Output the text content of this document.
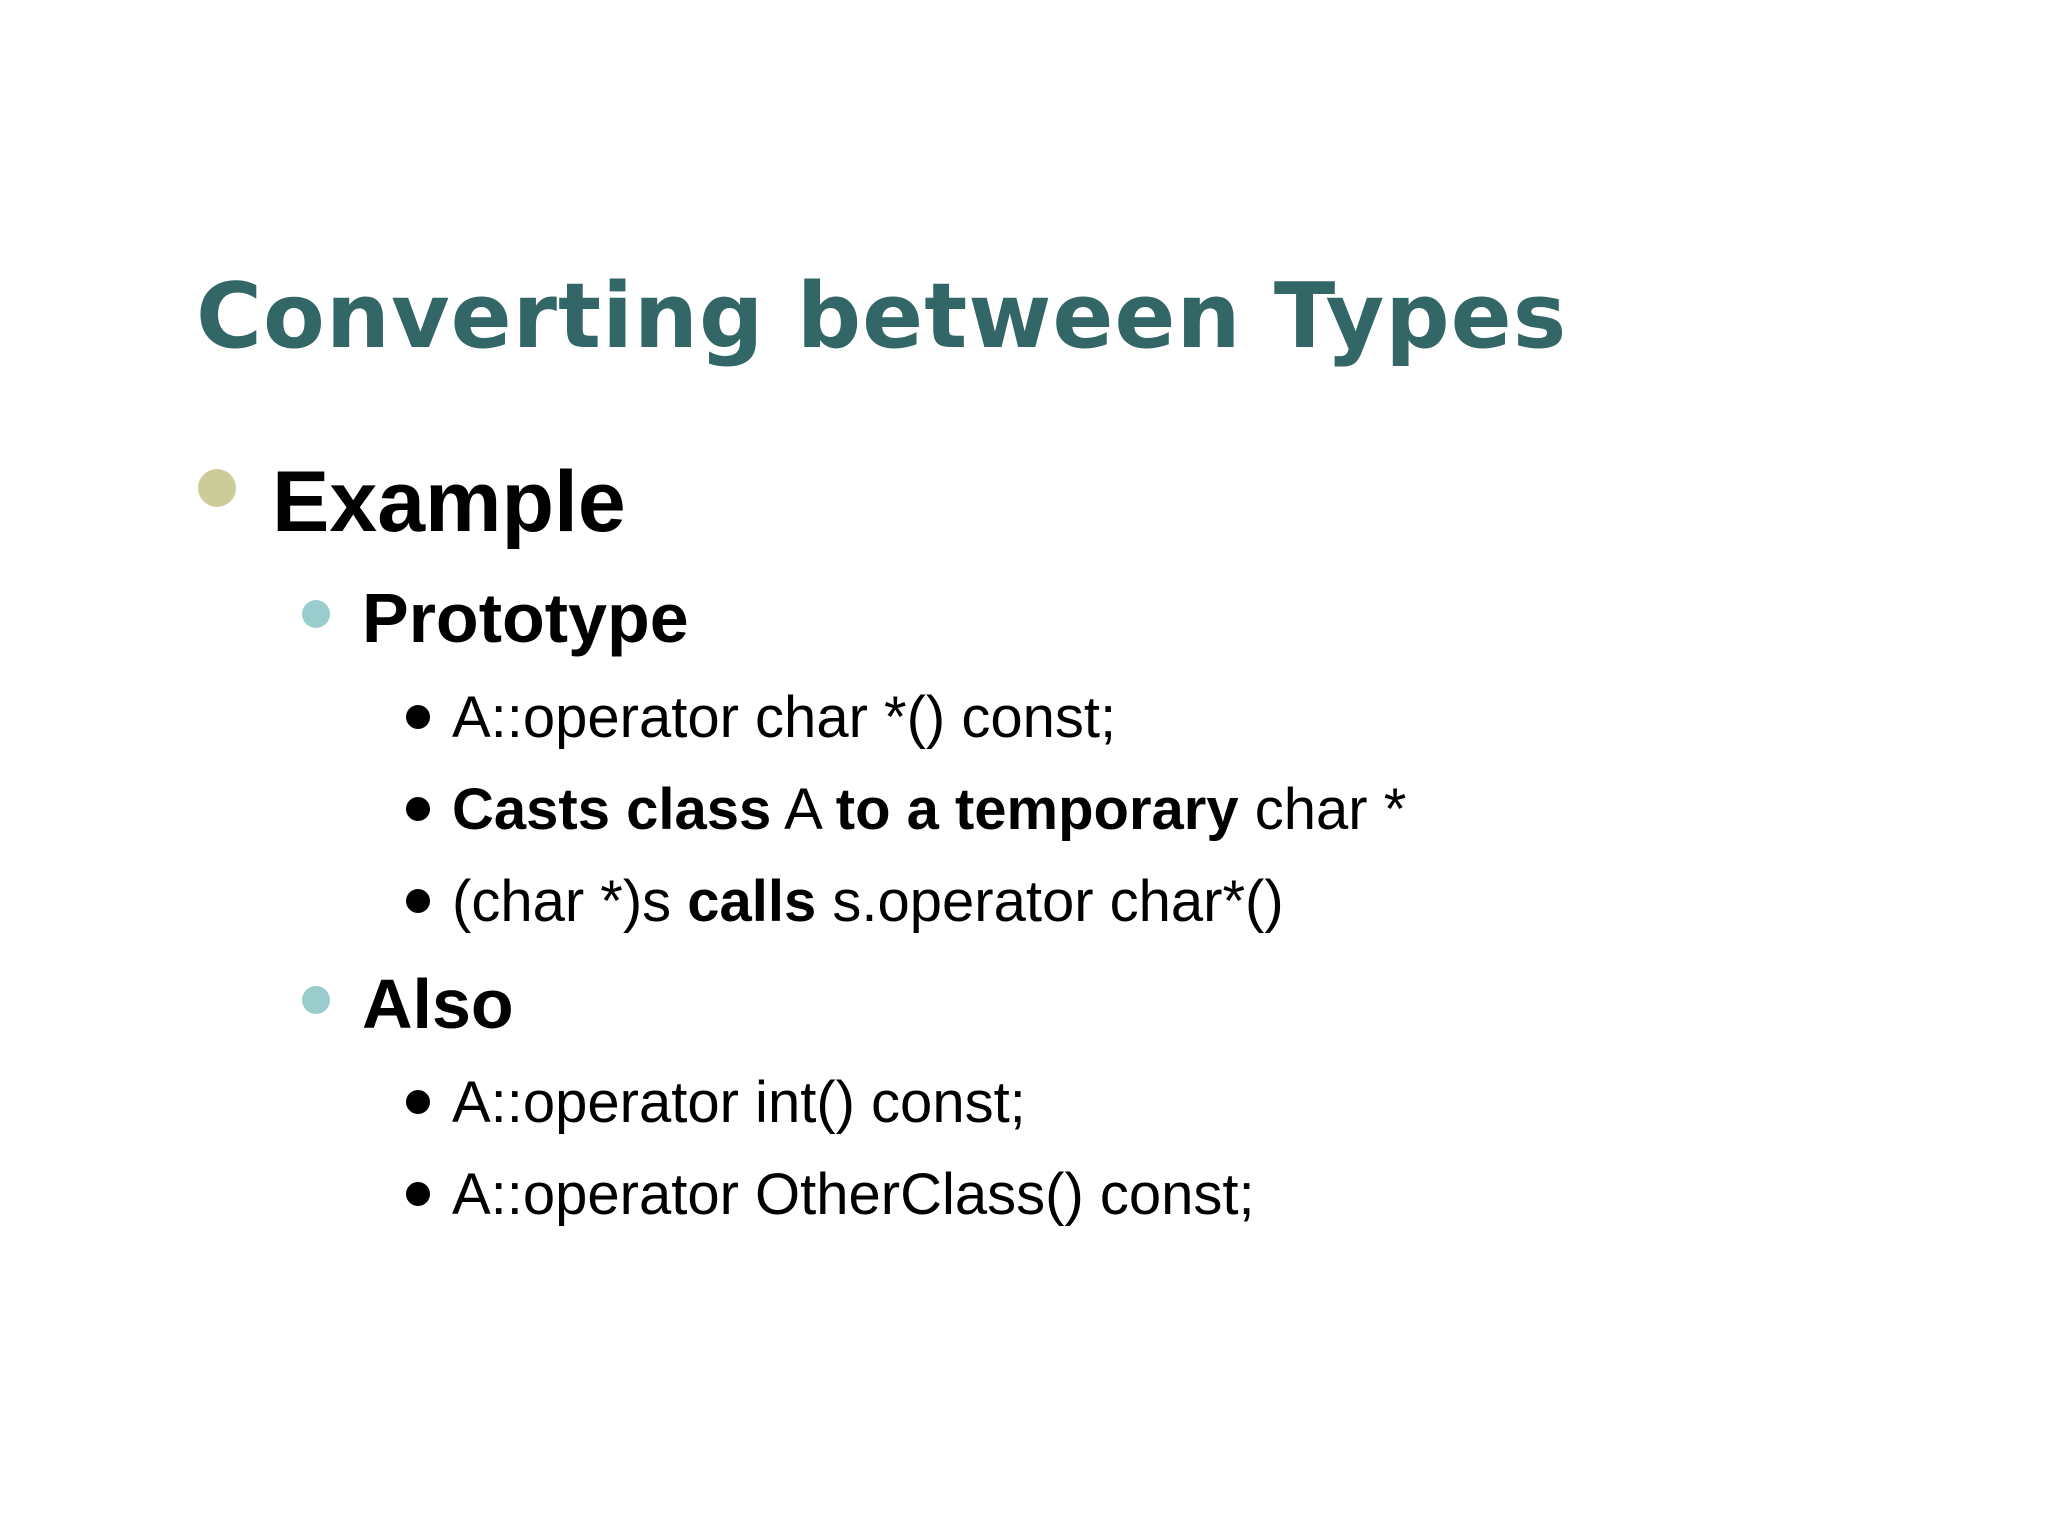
Converting between Types
Example
Prototype
A::operator char *() const;
Casts class A to a temporary char *
(char *)s calls s.operator char*()
Also
A::operator int() const;
A::operator OtherClass() const;
